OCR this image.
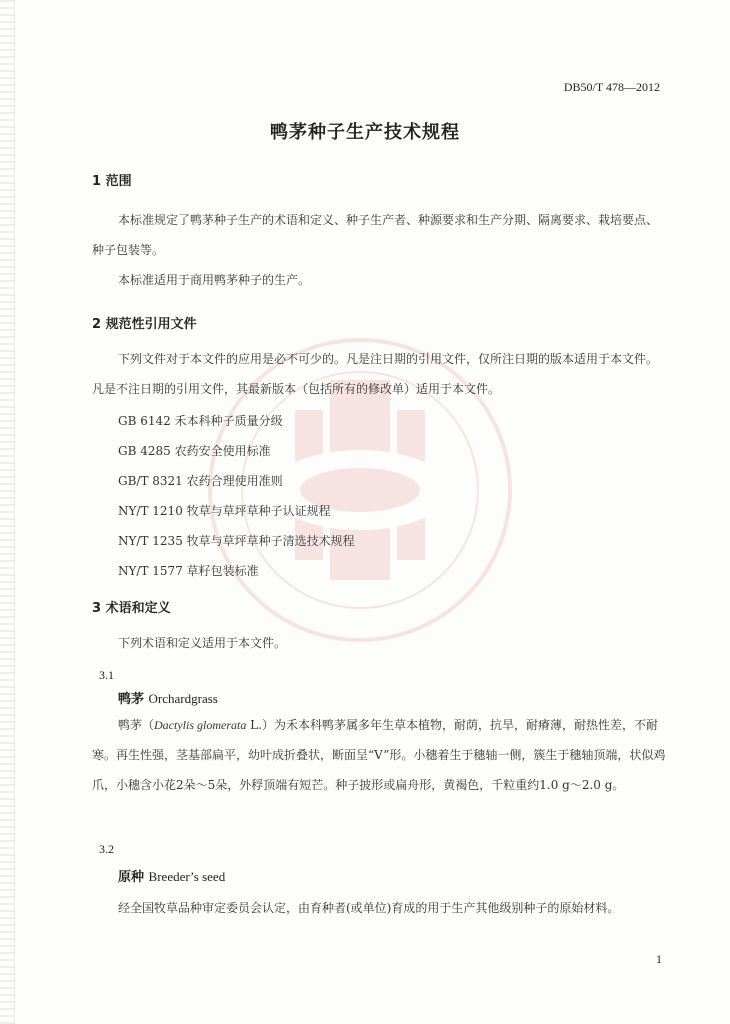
DB50/T 478—2012
鸭茅种子生产技术规程
1 范围
本标准规定了鸭茅种子生产的术语和定义、种子生产者、种源要求和生产分期、隔离要求、栽培要点、种子包装等。
本标准适用于商用鸭茅种子的生产。
2 规范性引用文件
下列文件对于本文件的应用是必不可少的。凡是注日期的引用文件，仅所注日期的版本适用于本文件。凡是不注日期的引用文件，其最新版本（包括所有的修改单）适用于本文件。
GB 6142 禾本科种子质量分级
GB 4285 农药安全使用标准
GB/T 8321 农药合理使用准则
NY/T 1210 牧草与草坪草种子认证规程
NY/T 1235 牧草与草坪草种子清选技术规程
NY/T 1577 草籽包装标准
3 术语和定义
下列术语和定义适用于本文件。
3.1
鸭茅 Orchardgrass
鸭茅（Dactylis glomerata L.）为禾本科鸭茅属多年生草本植物，耐荫，抗旱，耐瘠薄，耐热性差，不耐寒。再生性强，茎基部扁平，幼叶成折叠状，断面呈“V”形。小穗着生于穗轴一侧，簇生于穗轴顶端，状似鸡爪，小穗含小花2朵～5朵，外稃顶端有短芒。种子披形或扁舟形，黄褐色，千粒重约1.0 g～2.0 g。
3.2
原种 Breeder’s seed
经全国牧草品种审定委员会认定，由育种者(或单位)育成的用于生产其他级别种子的原始材料。
1
